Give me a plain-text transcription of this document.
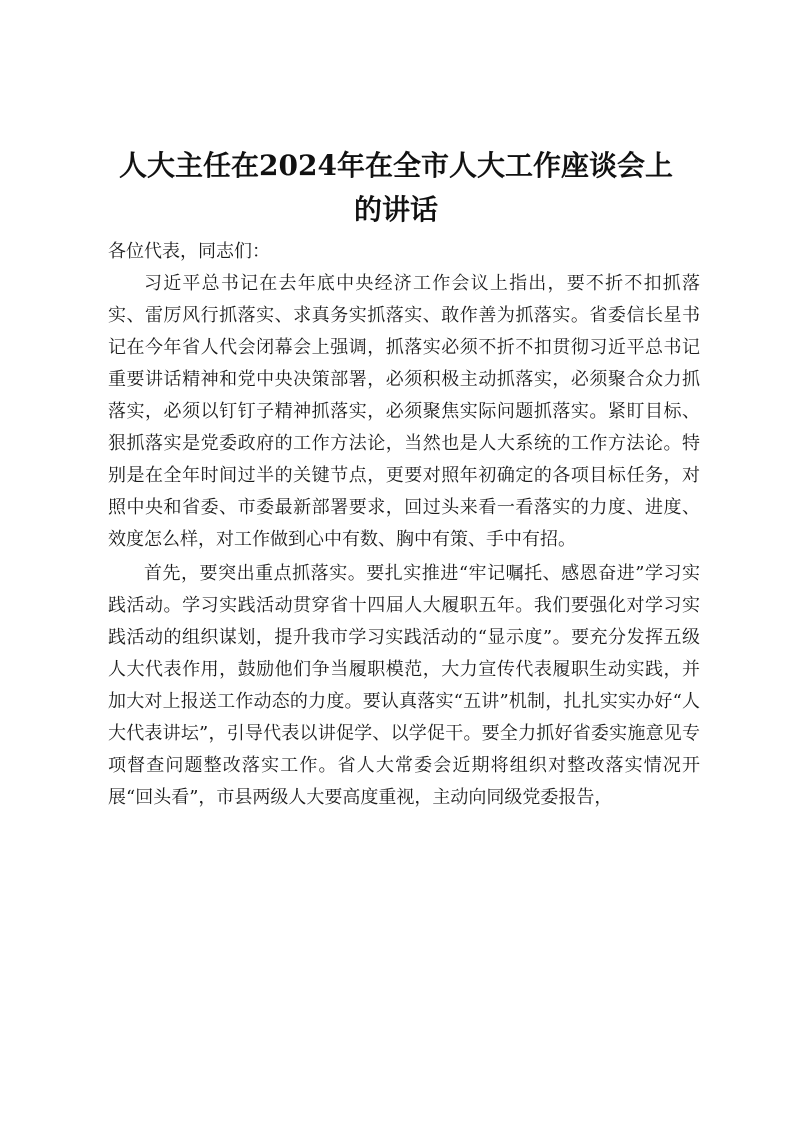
人大主任在2024年在全市人大工作座谈会上
的讲话

各位代表，同志们：

习近平总书记在去年底中央经济工作会议上指出，要不折不扣抓落实、雷厉风行抓落实、求真务实抓落实、敢作善为抓落实。省委信长星书记在今年省人代会闭幕会上强调，抓落实必须不折不扣贯彻习近平总书记重要讲话精神和党中央决策部署，必须积极主动抓落实，必须聚合众力抓落实，必须以钉钉子精神抓落实，必须聚焦实际问题抓落实。紧盯目标、狠抓落实是党委政府的工作方法论，当然也是人大系统的工作方法论。特别是在全年时间过半的关键节点，更要对照年初确定的各项目标任务，对照中央和省委、市委最新部署要求，回过头来看一看落实的力度、进度、效度怎么样，对工作做到心中有数、胸中有策、手中有招。

首先，要突出重点抓落实。要扎实推进“牢记嘱托、感恩奋进”学习实践活动。学习实践活动贯穿省十四届人大履职五年。我们要强化对学习实践活动的组织谋划，提升我市学习实践活动的“显示度”。要充分发挥五级人大代表作用，鼓励他们争当履职模范，大力宣传代表履职生动实践，并加大对上报送工作动态的力度。要认真落实“五讲”机制，扎扎实实办好“人大代表讲坛”，引导代表以讲促学、以学促干。要全力抓好省委实施意见专项督查问题整改落实工作。省人大常委会近期将组织对整改落实情况开展“回头看”，市县两级人大要高度重视，主动向同级党委报告，
